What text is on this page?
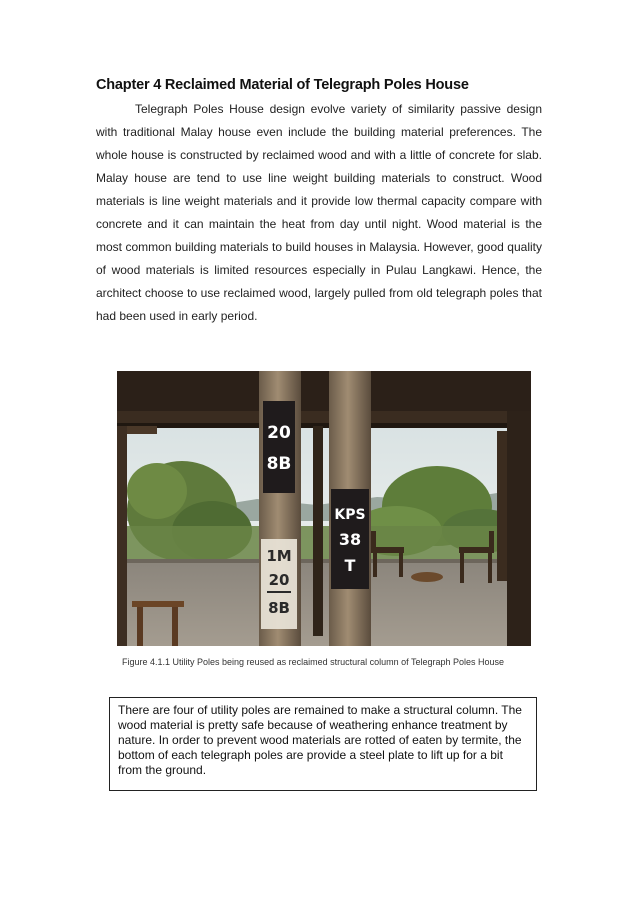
Chapter 4 Reclaimed Material of Telegraph Poles House

Telegraph Poles House design evolve variety of similarity passive design with traditional Malay house even include the building material preferences. The whole house is constructed by reclaimed wood and with a little of concrete for slab. Malay house are tend to use line weight building materials to construct. Wood materials is line weight materials and it provide low thermal capacity compare with concrete and it can maintain the heat from day until night. Wood material is the most common building materials to build houses in Malaysia. However, good quality of wood materials is limited resources especially in Pulau Langkawi. Hence, the architect choose to use reclaimed wood, largely pulled from old telegraph poles that had been used in early period.

20
8B
1M
20
8B
KPS
38
T
Figure 4.1.1 Utility Poles being reused as reclaimed structural column of Telegraph Poles House
There are four of utility poles are remained to make a structural column. The wood material is pretty safe because of weathering enhance treatment by nature. In order to prevent wood materials are rotted of eaten by termite, the bottom of each telegraph poles are provide a steel plate to lift up for a bit from the ground.
